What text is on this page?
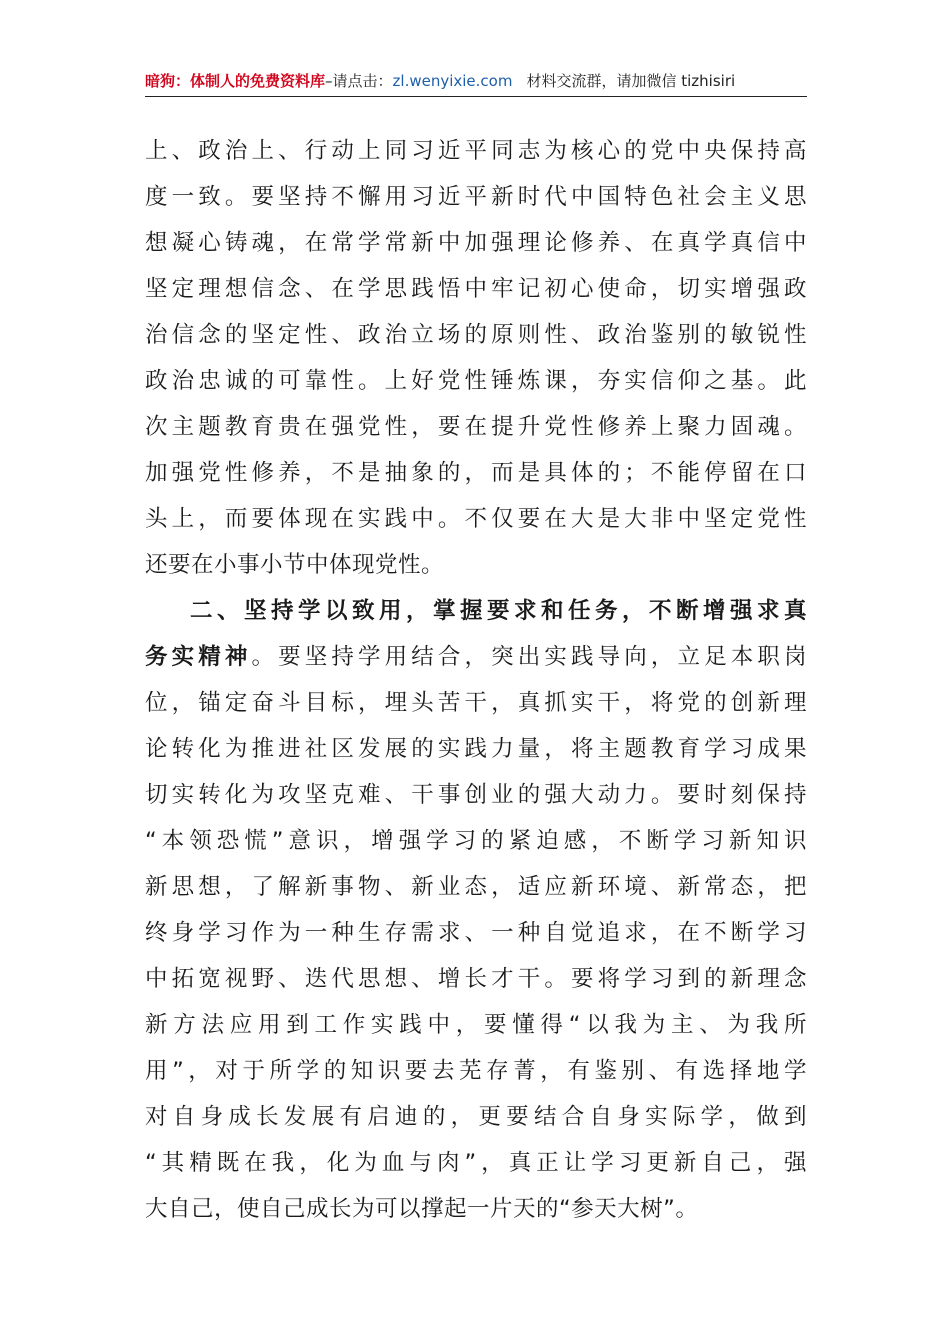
暗狗：体制人的免费资料库–请点击：zl.wenyixie.com 材料交流群，请加微信 tizhisiri
上、政治上、行动上同习近平同志为核心的党中央保持高
度一致。要坚持不懈用习近平新时代中国特色社会主义思
想凝心铸魂，在常学常新中加强理论修养、在真学真信中
坚定理想信念、在学思践悟中牢记初心使命，切实增强政
治信念的坚定性、政治立场的原则性、政治鉴别的敏锐性
政治忠诚的可靠性。上好党性锤炼课，夯实信仰之基。此
次主题教育贵在强党性，要在提升党性修养上聚力固魂。
加强党性修养，不是抽象的，而是具体的；不能停留在口
头上，而要体现在实践中。不仅要在大是大非中坚定党性
还要在小事小节中体现党性。
二、坚持学以致用，掌握要求和任务，不断增强求真
务实精神。要坚持学用结合，突出实践导向，立足本职岗
位，锚定奋斗目标，埋头苦干，真抓实干，将党的创新理
论转化为推进社区发展的实践力量，将主题教育学习成果
切实转化为攻坚克难、干事创业的强大动力。要时刻保持
“本领恐慌”意识，增强学习的紧迫感，不断学习新知识
新思想，了解新事物、新业态，适应新环境、新常态，把
终身学习作为一种生存需求、一种自觉追求，在不断学习
中拓宽视野、迭代思想、增长才干。要将学习到的新理念
新方法应用到工作实践中，要懂得“以我为主、为我所
用”，对于所学的知识要去芜存菁，有鉴别、有选择地学
对自身成长发展有启迪的，更要结合自身实际学，做到
“其精既在我，化为血与肉”，真正让学习更新自己，强
大自己，使自己成长为可以撑起一片天的“参天大树”。
